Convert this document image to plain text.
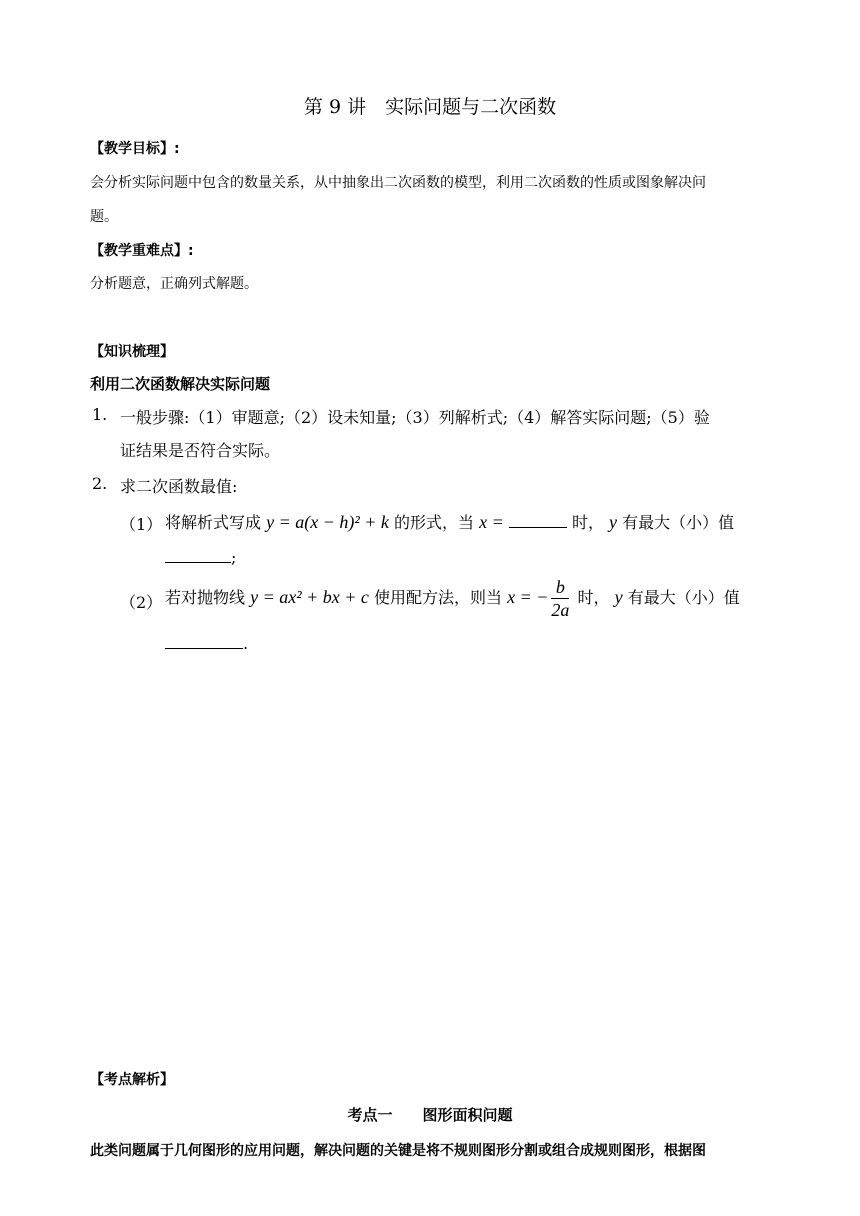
第 9 讲　实际问题与二次函数
【教学目标】:
会分析实际问题中包含的数量关系，从中抽象出二次函数的模型，利用二次函数的性质或图象解决问
题。
【教学重难点】:
分析题意，正确列式解题。
【知识梳理】
利用二次函数解决实际问题
1. 一般步骤:（1）审题意;（2）设未知量;（3）列解析式;（4）解答实际问题;（5）验
证结果是否符合实际。
2. 求二次函数最值:
（1） 将解析式写成 y = a(x − h)² + k 的形式，当 x =	时， y 有最大（小）值
;
（2） 若对抛物线 y = ax² + bx + c 使用配方法，则当 x = − $\frac{b}{2a}$ 时， y 有最大（小）值
.
【考点解析】
考点一　　图形面积问题
此类问题属于几何图形的应用问题，解决问题的关键是将不规则图形分割或组合成规则图形，根据图
